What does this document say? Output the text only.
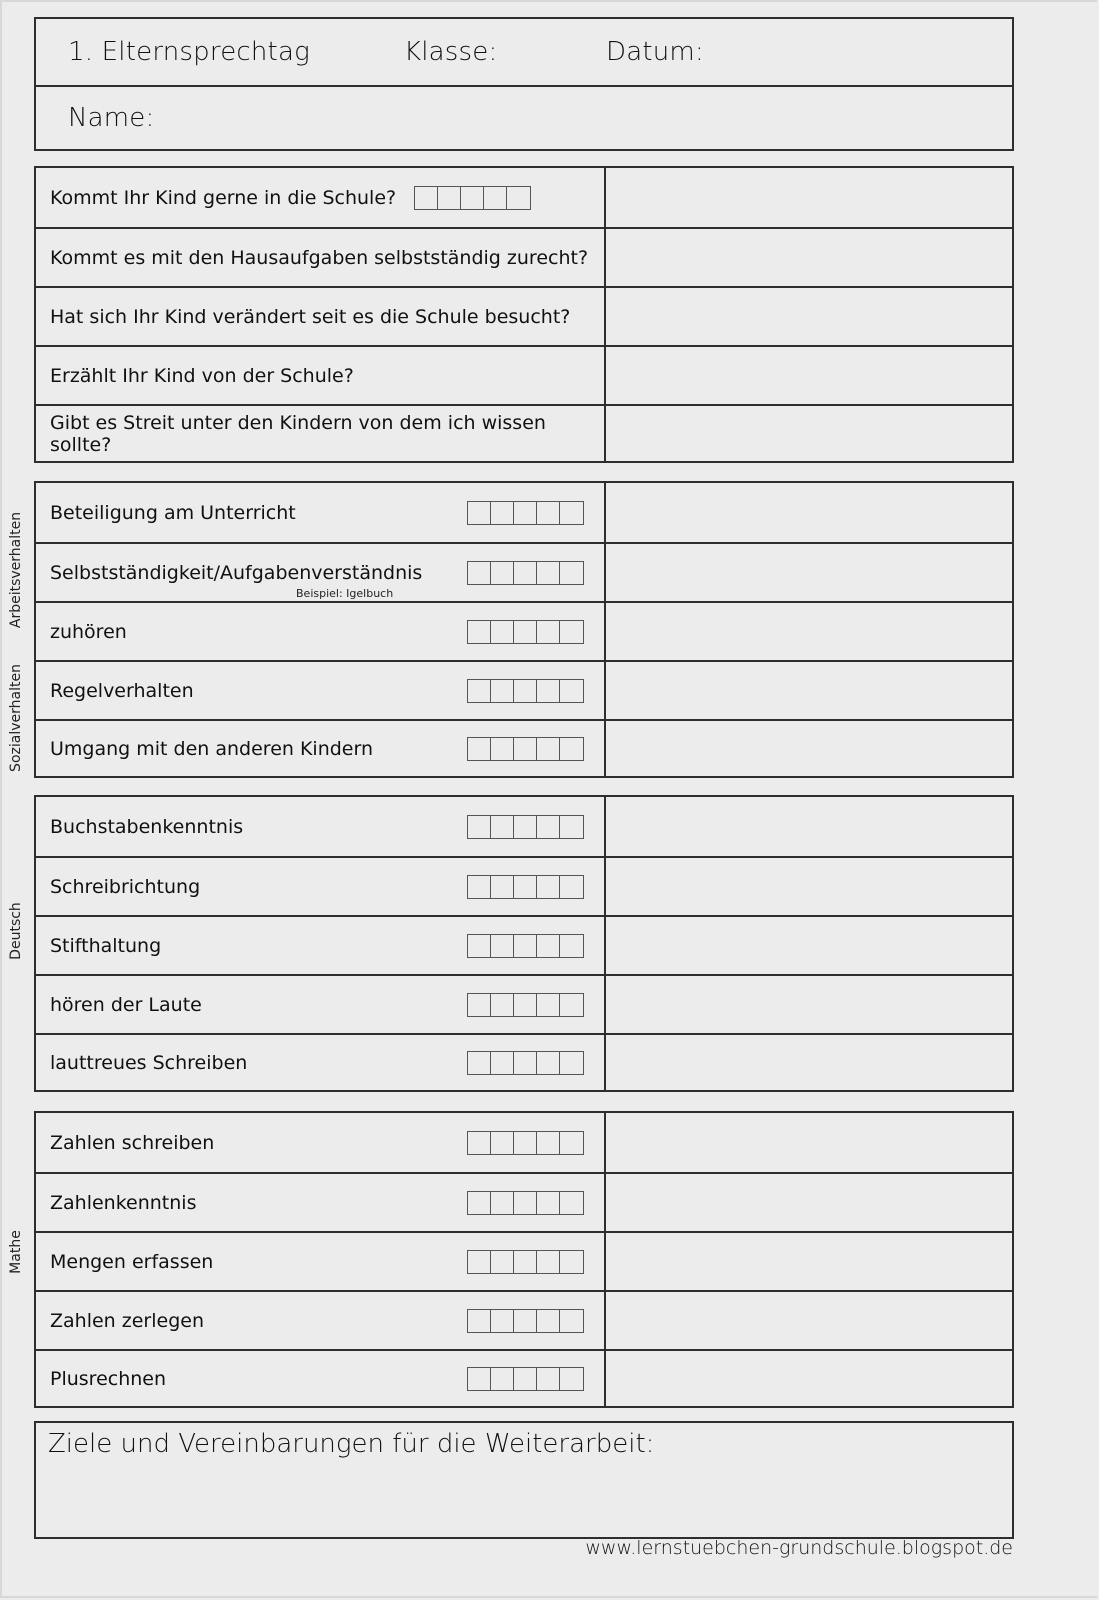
1. Elternsprechtag	Klasse:	Datum:
Name:
Kommt Ihr Kind gerne in die Schule?
Kommt es mit den Hausaufgaben selbstständig zurecht?
Hat sich Ihr Kind verändert seit es die Schule besucht?
Erzählt Ihr Kind von der Schule?
Gibt es Streit unter den Kindern von dem ich wissen sollte?
Arbeitsverhalten
Sozialverhalten
Deutsch
Mathe
Beteiligung am Unterricht
Selbstständigkeit/Aufgabenverständnis
Beispiel: Igelbuch
zuhören
Regelverhalten
Umgang mit den anderen Kindern
Buchstabenkenntnis
Schreibrichtung
Stifthaltung
hören der Laute
lauttreues Schreiben
Zahlen schreiben
Zahlenkenntnis
Mengen erfassen
Zahlen zerlegen
Plusrechnen
Ziele und Vereinbarungen für die Weiterarbeit:
www.lernstuebchen-grundschule.blogspot.de
